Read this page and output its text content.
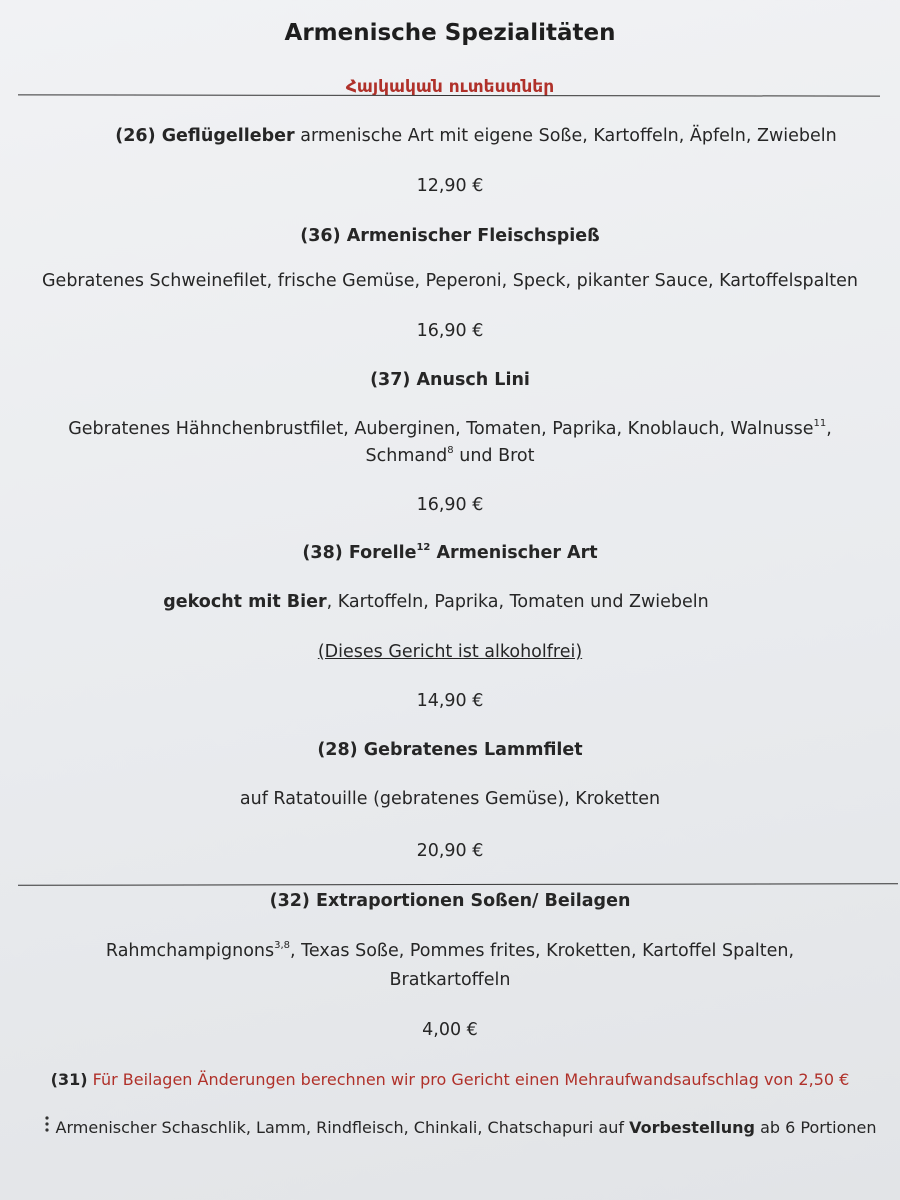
Armenische Spezialitäten
Հայկական ուտեստներ
(26) Geflügelleber armenische Art mit eigene Soße, Kartoffeln, Äpfeln, Zwiebeln
12,90 €
(36) Armenischer Fleischspieß
Gebratenes Schweinefilet, frische Gemüse, Peperoni, Speck, pikanter Sauce, Kartoffelspalten
16,90 €
(37) Anusch Lini
Gebratenes Hähnchenbrustfilet, Auberginen, Tomaten, Paprika, Knoblauch, Walnusse$^{11}$,
Schmand$^8$ und Brot
16,90 €
(38) Forelle$^{12}$ Armenischer Art
gekocht mit Bier, Kartoffeln, Paprika, Tomaten und Zwiebeln
(Dieses Gericht ist alkoholfrei)
14,90 €
(28) Gebratenes Lammfilet
auf Ratatouille (gebratenes Gemüse), Kroketten
20,90 €
(32) Extraportionen Soßen/ Beilagen
Rahmchampignons$^{3,8}$, Texas Soße, Pommes frites, Kroketten, Kartoffel Spalten,
Bratkartoffeln
4,00 €
(31) Für Beilagen Änderungen berechnen wir pro Gericht einen Mehraufwandsaufschlag von 2,50 €
Armenischer Schaschlik, Lamm, Rindfleisch, Chinkali, Chatschapuri auf Vorbestellung ab 6 Portionen
